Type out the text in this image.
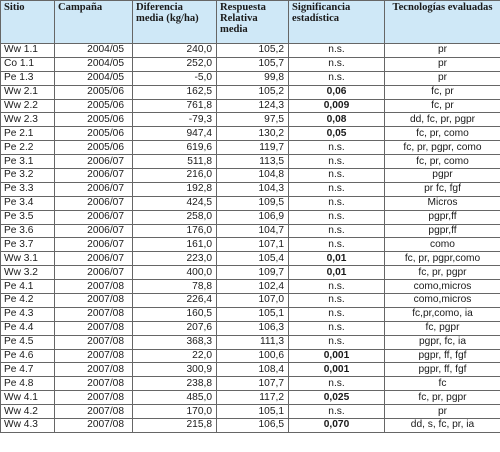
Sitio	Campaña	Diferencia media (kg/ha)	Respuesta Relativa media	Significancia estadística	Tecnologías evaluadas
Ww 1.1	2004/05	240,0	105,2	n.s.	pr
Co 1.1	2004/05	252,0	105,7	n.s.	pr
Pe 1.3	2004/05	-5,0	99,8	n.s.	pr
Ww 2.1	2005/06	162,5	105,2	0,06	fc, pr
Ww 2.2	2005/06	761,8	124,3	0,009	fc, pr
Ww 2.3	2005/06	-79,3	97,5	0,08	dd, fc, pr, pgpr
Pe 2.1	2005/06	947,4	130,2	0,05	fc, pr, como
Pe 2.2	2005/06	619,6	119,7	n.s.	fc, pr, pgpr, como
Pe 3.1	2006/07	511,8	113,5	n.s.	fc, pr, como
Pe 3.2	2006/07	216,0	104,8	n.s.	pgpr
Pe 3.3	2006/07	192,8	104,3	n.s.	pr fc, fgf
Pe 3.4	2006/07	424,5	109,5	n.s.	Micros
Pe 3.5	2006/07	258,0	106,9	n.s.	pgpr,ff
Pe 3.6	2006/07	176,0	104,7	n.s.	pgpr,ff
Pe 3.7	2006/07	161,0	107,1	n.s.	como
Ww 3.1	2006/07	223,0	105,4	0,01	fc, pr, pgpr,como
Ww 3.2	2006/07	400,0	109,7	0,01	fc, pr, pgpr
Pe 4.1	2007/08	78,8	102,4	n.s.	como,micros
Pe 4.2	2007/08	226,4	107,0	n.s.	como,micros
Pe 4.3	2007/08	160,5	105,1	n.s.	fc,pr,como, ia
Pe 4.4	2007/08	207,6	106,3	n.s.	fc, pgpr
Pe 4.5	2007/08	368,3	111,3	n.s.	pgpr, fc, ia
Pe 4.6	2007/08	22,0	100,6	0,001	pgpr, ff, fgf
Pe 4.7	2007/08	300,9	108,4	0,001	pgpr, ff, fgf
Pe 4.8	2007/08	238,8	107,7	n.s.	fc
Ww 4.1	2007/08	485,0	117,2	0,025	fc, pr, pgpr
Ww 4.2	2007/08	170,0	105,1	n.s.	pr
Ww 4.3	2007/08	215,8	106,5	0,070	dd, s, fc, pr, ia
